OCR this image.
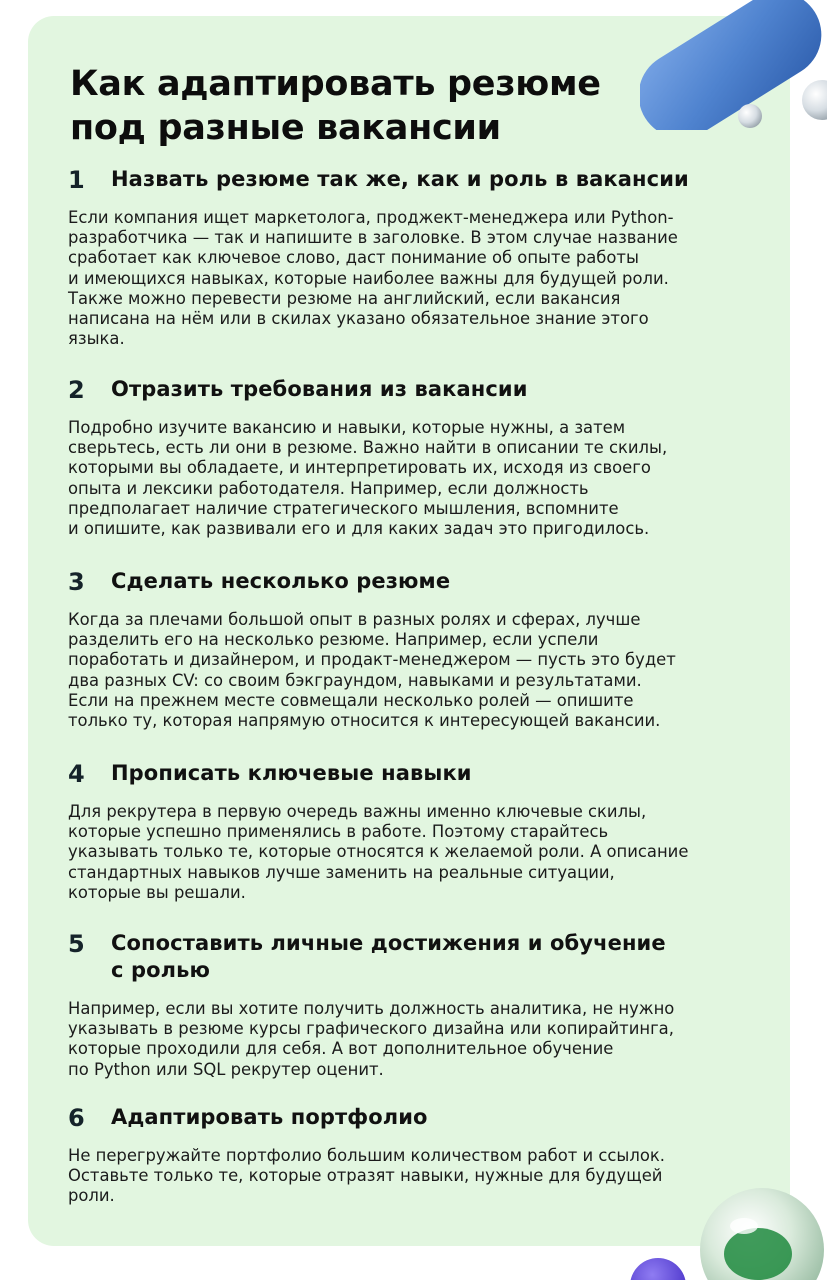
Как адаптировать резюме
под разные вакансии
1 Назвать резюме так же, как и роль в вакансии
Если компания ищет маркетолога, проджект-менеджера или Python-
разработчика — так и напишите в заголовке. В этом случае название
сработает как ключевое слово, даст понимание об опыте работы
и имеющихся навыках, которые наиболее важны для будущей роли.
Также можно перевести резюме на английский, если вакансия
написана на нём или в скилах указано обязательное знание этого
языка.
2 Отразить требования из вакансии
Подробно изучите вакансию и навыки, которые нужны, а затем
сверьтесь, есть ли они в резюме. Важно найти в описании те скилы,
которыми вы обладаете, и интерпретировать их, исходя из своего
опыта и лексики работодателя. Например, если должность
предполагает наличие стратегического мышления, вспомните
и опишите, как развивали его и для каких задач это пригодилось.
3 Сделать несколько резюме
Когда за плечами большой опыт в разных ролях и сферах, лучше
разделить его на несколько резюме. Например, если успели
поработать и дизайнером, и продакт-менеджером — пусть это будет
два разных CV: со своим бэкграундом, навыками и результатами.
Если на прежнем месте совмещали несколько ролей — опишите
только ту, которая напрямую относится к интересующей вакансии.
4 Прописать ключевые навыки
Для рекрутера в первую очередь важны именно ключевые скилы,
которые успешно применялись в работе. Поэтому старайтесь
указывать только те, которые относятся к желаемой роли. А описание
стандартных навыков лучше заменить на реальные ситуации,
которые вы решали.
5 Сопоставить личные достижения и обучение
с ролью
Например, если вы хотите получить должность аналитика, не нужно
указывать в резюме курсы графического дизайна или копирайтинга,
которые проходили для себя. А вот дополнительное обучение
по Python или SQL рекрутер оценит.
6 Адаптировать портфолио
Не перегружайте портфолио большим количеством работ и ссылок.
Оставьте только те, которые отразят навыки, нужные для будущей
роли.
